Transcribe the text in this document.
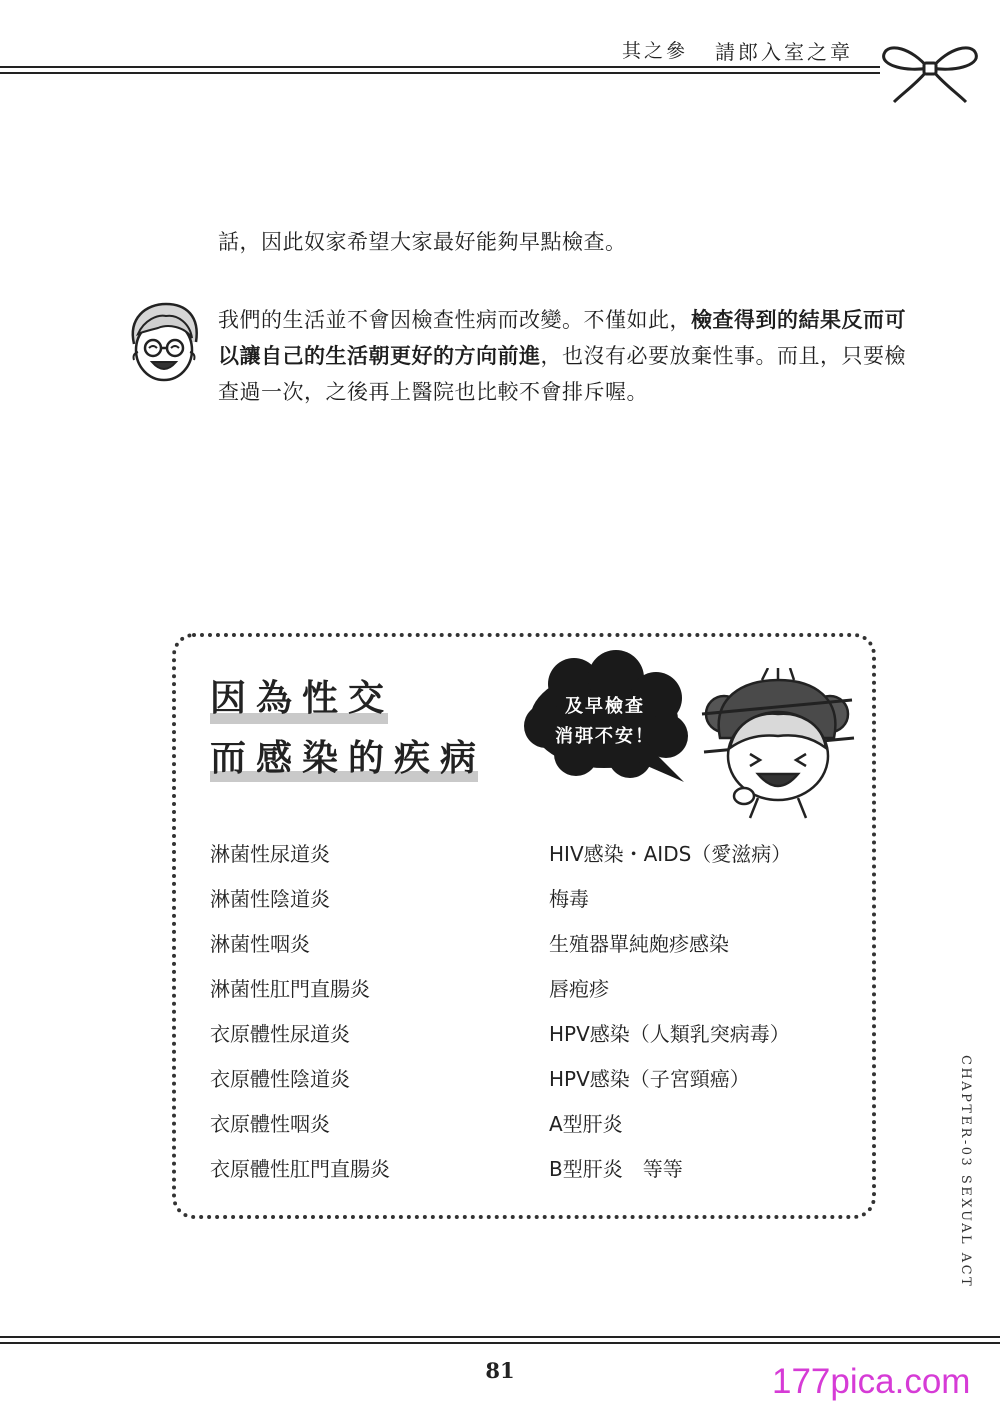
其之參 請郎入室之章
話，因此奴家希望大家最好能夠早點檢查。
我們的生活並不會因檢查性病而改變。不僅如此，檢查得到的結果反而可以讓自己的生活朝更好的方向前進，也沒有必要放棄性事。而且，只要檢查過一次，之後再上醫院也比較不會排斥喔。
因為性交
而感染的疾病
及早檢查
消弭不安！
淋菌性尿道炎
淋菌性陰道炎
淋菌性咽炎
淋菌性肛門直腸炎
衣原體性尿道炎
衣原體性陰道炎
衣原體性咽炎
衣原體性肛門直腸炎
HIV感染・AIDS（愛滋病）
梅毒
生殖器單純皰疹感染
唇疱疹
HPV感染（人類乳突病毒）
HPV感染（子宮頸癌）
A型肝炎
B型肝炎　等等	CHAPTER-03 SEXUAL ACT
81	177pica.com
